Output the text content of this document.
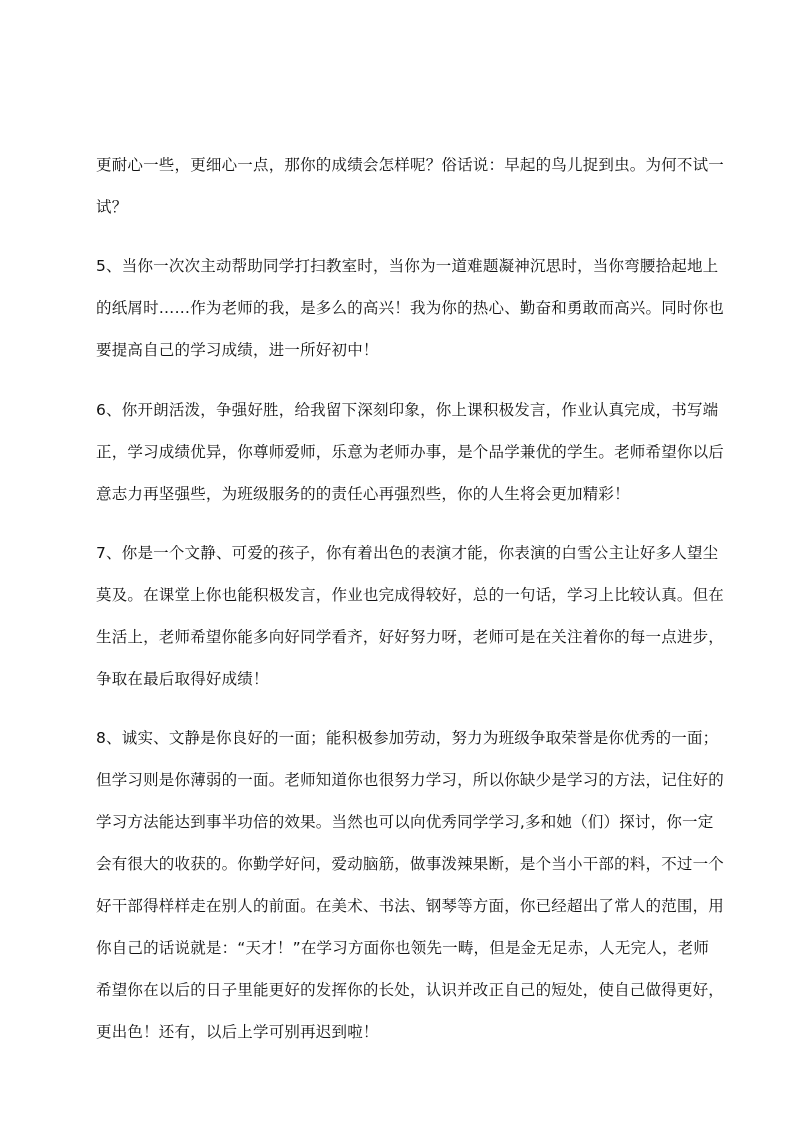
更耐心一些，更细心一点，那你的成绩会怎样呢？俗话说：早起的鸟儿捉到虫。为何不试一
试？
5、当你一次次主动帮助同学打扫教室时，当你为一道难题凝神沉思时，当你弯腰拾起地上
的纸屑时……作为老师的我，是多么的高兴！我为你的热心、勤奋和勇敢而高兴。同时你也
要提高自己的学习成绩，进一所好初中！
6、你开朗活泼，争强好胜，给我留下深刻印象，你上课积极发言，作业认真完成，书写端
正，学习成绩优异，你尊师爱师，乐意为老师办事，是个品学兼优的学生。老师希望你以后
意志力再坚强些，为班级服务的的责任心再强烈些，你的人生将会更加精彩！
7、你是一个文静、可爱的孩子，你有着出色的表演才能，你表演的白雪公主让好多人望尘
莫及。在课堂上你也能积极发言，作业也完成得较好，总的一句话，学习上比较认真。但在
生活上，老师希望你能多向好同学看齐，好好努力呀，老师可是在关注着你的每一点进步，
争取在最后取得好成绩！
8、诚实、文静是你良好的一面；能积极参加劳动，努力为班级争取荣誉是你优秀的一面；
但学习则是你薄弱的一面。老师知道你也很努力学习，所以你缺少是学习的方法，记住好的
学习方法能达到事半功倍的效果。当然也可以向优秀同学学习,多和她（们）探讨，你一定
会有很大的收获的。你勤学好问，爱动脑筋，做事泼辣果断，是个当小干部的料，不过一个
好干部得样样走在别人的前面。在美术、书法、钢琴等方面，你已经超出了常人的范围，用
你自己的话说就是：“天才！”在学习方面你也领先一畴，但是金无足赤，人无完人，老师
希望你在以后的日子里能更好的发挥你的长处，认识并改正自己的短处，使自己做得更好，
更出色！还有，以后上学可别再迟到啦！
